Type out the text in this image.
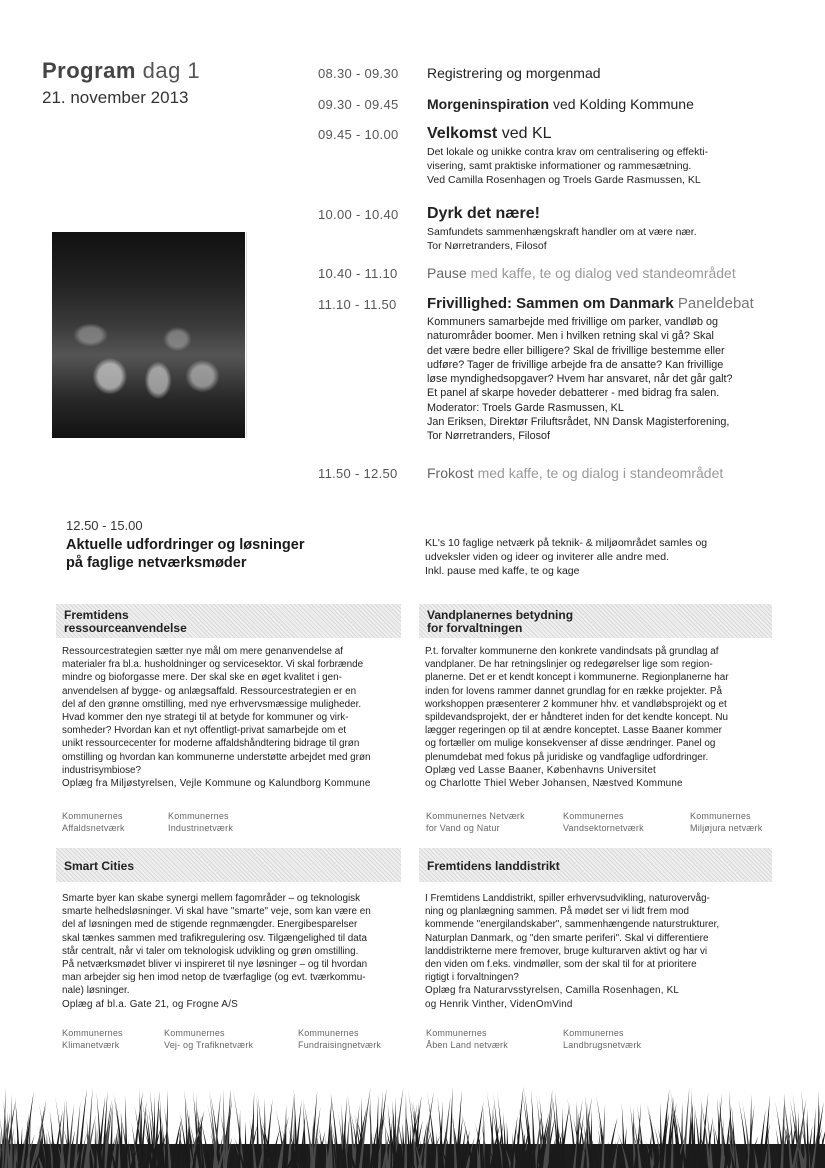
Program dag 1
21. november 2013
08.30 - 09.30	Registrering og morgenmad
09.30 - 09.45	Morgeninspiration ved Kolding Kommune
09.45 - 10.00	Velkomst ved KL
Det lokale og unikke contra krav om centralisering og effekti-
visering, samt praktiske informationer og rammesætning.
Ved Camilla Rosenhagen og Troels Garde Rasmussen, KL
10.00 - 10.40	Dyrk det nære!
Samfundets sammenhængskraft handler om at være nær.
Tor Nørretranders, Filosof
10.40 - 11.10	Pause med kaffe, te og dialog ved standeområdet
11.10 - 11.50	Frivillighed: Sammen om Danmark Paneldebat
Kommuners samarbejde med frivillige om parker, vandløb og
naturområder boomer. Men i hvilken retning skal vi gå? Skal
det være bedre eller billigere? Skal de frivillige bestemme eller
udføre? Tager de frivillige arbejde fra de ansatte? Kan frivillige
løse myndighedsopgaver? Hvem har ansvaret, når det går galt?
Et panel af skarpe hoveder debatterer - med bidrag fra salen.
Moderator: Troels Garde Rasmussen, KL
Jan Eriksen, Direktør Friluftsrådet, NN Dansk Magisterforening,
Tor Nørretranders, Filosof
11.50 - 12.50	Frokost med kaffe, te og dialog i standeområdet
12.50 - 15.00
Aktuelle udfordringer og løsninger
på faglige netværksmøder
KL's 10 faglige netværk på teknik- & miljøområdet samles og
udveksler viden og ideer og inviterer alle andre med.
Inkl. pause med kaffe, te og kage
Fremtidens
ressourceanvendelse
Ressourcestrategien sætter nye mål om mere genanvendelse af
materialer fra bl.a. husholdninger og servicesektor. Vi skal forbrænde
mindre og bioforgasse mere. Der skal ske en øget kvalitet i gen-
anvendelsen af bygge- og anlægsaffald. Ressourcestrategien er en
del af den grønne omstilling, med nye erhvervsmæssige muligheder.
Hvad kommer den nye strategi til at betyde for kommuner og virk-
somheder? Hvordan kan et nyt offentligt-privat samarbejde om et
unikt ressourcecenter for moderne affaldshåndtering bidrage til grøn
omstilling og hvordan kan kommunerne understøtte arbejdet med grøn
industrisymbiose?
Oplæg fra Miljøstyrelsen, Vejle Kommune og Kalundborg Kommune
Kommunernes
Affaldsnetværk
Kommunernes
Industrinetværk
Vandplanernes betydning
for forvaltningen
P.t. forvalter kommunerne den konkrete vandindsats på grundlag af
vandplaner. De har retningslinjer og redegørelser lige som region-
planerne. Det er et kendt koncept i kommunerne. Regionplanerne har
inden for lovens rammer dannet grundlag for en række projekter. På
workshoppen præsenterer 2 kommuner hhv. et vandløbsprojekt og et
spildevandsprojekt, der er håndteret inden for det kendte koncept. Nu
lægger regeringen op til at ændre konceptet. Lasse Baaner kommer
og fortæller om mulige konsekvenser af disse ændringer. Panel og
plenumdebat med fokus på juridiske og vandfaglige udfordringer.
Oplæg ved Lasse Baaner, Københavns Universitet
og Charlotte Thiel Weber Johansen, Næstved Kommune
Kommunernes Netværk
for Vand og Natur
Kommunernes
Vandsektornetværk
Kommunernes
Miljøjura netværk
Smart Cities
Smarte byer kan skabe synergi mellem fagområder – og teknologisk
smarte helhedsløsninger. Vi skal have "smarte" veje, som kan være en
del af løsningen med de stigende regnmængder. Energibesparelser
skal tænkes sammen med trafikregulering osv. Tilgængelighed til data
står centralt, når vi taler om teknologisk udvikling og grøn omstilling.
På netværksmødet bliver vi inspireret til nye løsninger – og til hvordan
man arbejder sig hen imod netop de tværfaglige (og evt. tværkommu-
nale) løsninger.
Oplæg af bl.a. Gate 21, og Frogne A/S
Kommunernes
Klimanetværk
Kommunernes
Vej- og Trafiknetværk
Kommunernes
Fundraisingnetværk
Fremtidens landdistrikt
I Fremtidens Landdistrikt, spiller erhvervsudvikling, naturovervåg-
ning og planlægning sammen. På mødet ser vi lidt frem mod
kommende "energilandskaber", sammenhængende naturstrukturer,
Naturplan Danmark, og "den smarte periferi". Skal vi differentiere
landdistrikterne mere fremover, bruge kulturarven aktivt og har vi
den viden om f.eks. vindmøller, som der skal til for at prioritere
rigtigt i forvaltningen?
Oplæg fra Naturarvsstyrelsen, Camilla Rosenhagen, KL
og Henrik Vinther, VidenOmVind
Kommunernes
Åben Land netværk
Kommunernes
Landbrugsnetværk
